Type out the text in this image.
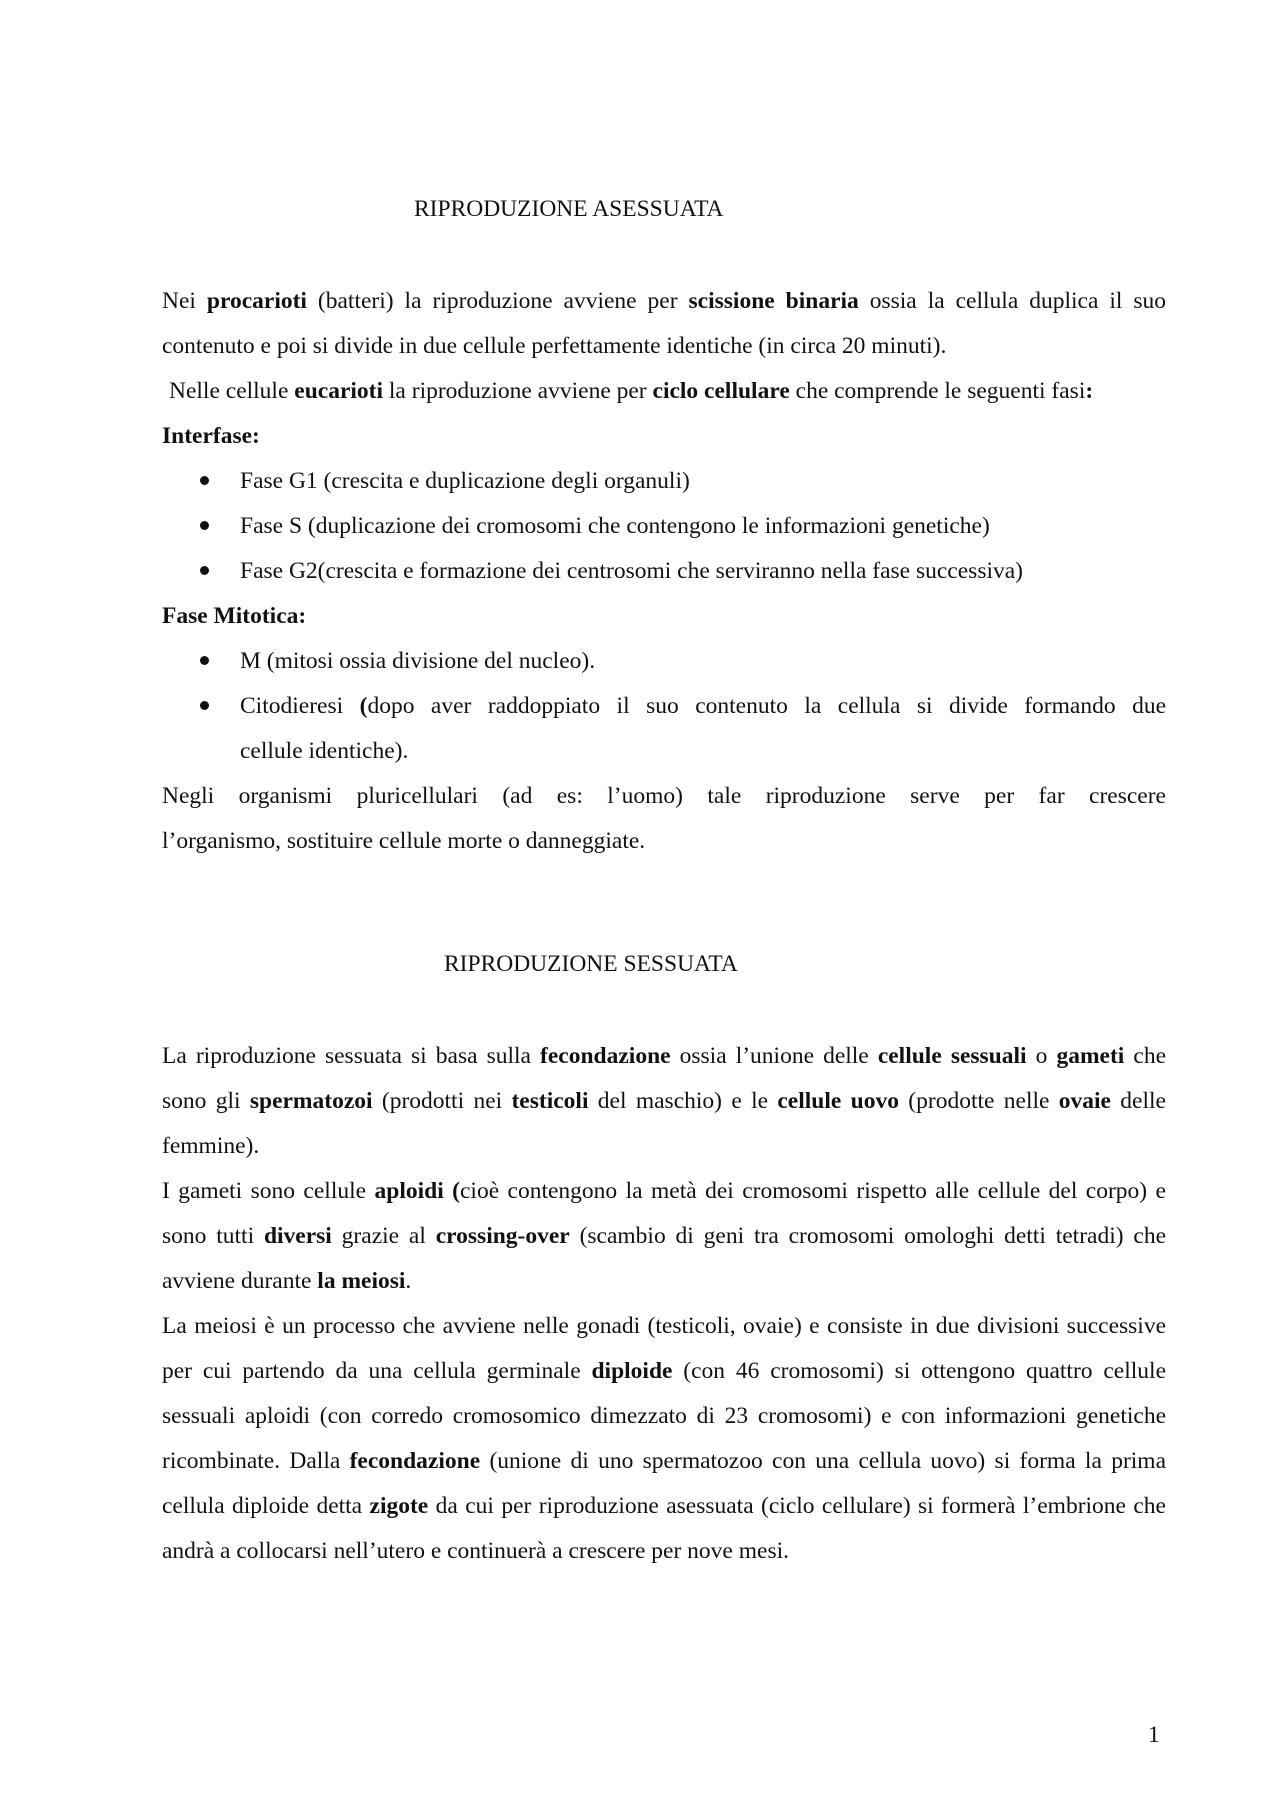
RIPRODUZIONE ASESSUATA

Nei procarioti (batteri) la riproduzione avviene per scissione binaria ossia la cellula duplica il suo contenuto e poi si divide in due cellule perfettamente identiche (in circa 20 minuti).

Nelle cellule eucarioti la riproduzione avviene per ciclo cellulare che comprende le seguenti fasi:

Interfase:

Fase G1 (crescita e duplicazione degli organuli)
Fase S (duplicazione dei cromosomi che contengono le informazioni genetiche)
Fase G2(crescita e formazione dei centrosomi che serviranno nella fase successiva)

Fase Mitotica:

M (mitosi ossia divisione del nucleo).
Citodieresi (dopo aver raddoppiato il suo contenuto la cellula si divide formando due
cellule identiche).

Negli organismi pluricellulari (ad es: l’uomo) tale riproduzione serve per far crescere
l’organismo, sostituire cellule morte o danneggiate.

RIPRODUZIONE SESSUATA

La riproduzione sessuata si basa sulla fecondazione ossia l’unione delle cellule sessuali o gameti che sono gli spermatozoi (prodotti nei testicoli del maschio) e le cellule uovo (prodotte nelle ovaie delle femmine).

I gameti sono cellule aploidi (cioè contengono la metà dei cromosomi rispetto alle cellule del corpo) e sono tutti diversi grazie al crossing-over (scambio di geni tra cromosomi omologhi detti tetradi) che avviene durante la meiosi.

La meiosi è un processo che avviene nelle gonadi (testicoli, ovaie) e consiste in due divisioni successive per cui partendo da una cellula germinale diploide (con 46 cromosomi) si ottengono quattro cellule sessuali aploidi (con corredo cromosomico dimezzato di 23 cromosomi) e con informazioni genetiche ricombinate. Dalla fecondazione (unione di uno spermatozoo con una cellula uovo) si forma la prima cellula diploide detta zigote da cui per riproduzione asessuata (ciclo cellulare) si formerà l’embrione che andrà a collocarsi nell’utero e continuerà a crescere per nove mesi.

1
